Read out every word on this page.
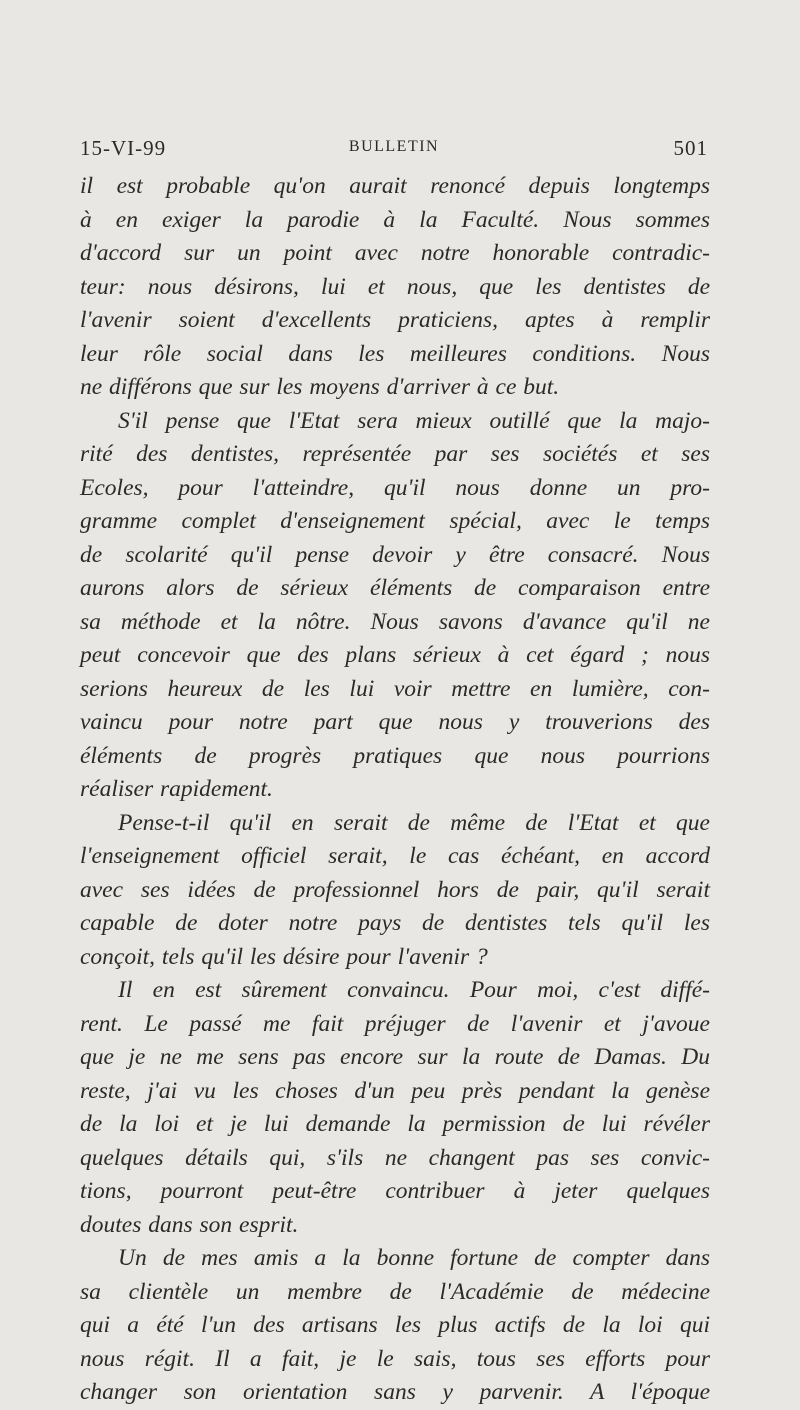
15-VI-99	BULLETIN	501
il est probable qu'on aurait renoncé depuis longtemps
à en exiger la parodie à la Faculté. Nous sommes
d'accord sur un point avec notre honorable contradic-
teur: nous désirons, lui et nous, que les dentistes de
l'avenir soient d'excellents praticiens, aptes à remplir
leur rôle social dans les meilleures conditions. Nous
ne différons que sur les moyens d'arriver à ce but.
S'il pense que l'Etat sera mieux outillé que la majo-
rité des dentistes, représentée par ses sociétés et ses
Ecoles, pour l'atteindre, qu'il nous donne un pro-
gramme complet d'enseignement spécial, avec le temps
de scolarité qu'il pense devoir y être consacré. Nous
aurons alors de sérieux éléments de comparaison entre
sa méthode et la nôtre. Nous savons d'avance qu'il ne
peut concevoir que des plans sérieux à cet égard ; nous
serions heureux de les lui voir mettre en lumière, con-
vaincu pour notre part que nous y trouverions des
éléments de progrès pratiques que nous pourrions
réaliser rapidement.
Pense-t-il qu'il en serait de même de l'Etat et que
l'enseignement officiel serait, le cas échéant, en accord
avec ses idées de professionnel hors de pair, qu'il serait
capable de doter notre pays de dentistes tels qu'il les
conçoit, tels qu'il les désire pour l'avenir ?
Il en est sûrement convaincu. Pour moi, c'est diffé-
rent. Le passé me fait préjuger de l'avenir et j'avoue
que je ne me sens pas encore sur la route de Damas. Du
reste, j'ai vu les choses d'un peu près pendant la genèse
de la loi et je lui demande la permission de lui révéler
quelques détails qui, s'ils ne changent pas ses convic-
tions, pourront peut-être contribuer à jeter quelques
doutes dans son esprit.
Un de mes amis a la bonne fortune de compter dans
sa clientèle un membre de l'Académie de médecine
qui a été l'un des artisans les plus actifs de la loi qui
nous régit. Il a fait, je le sais, tous ses efforts pour
changer son orientation sans y parvenir. A l'époque
